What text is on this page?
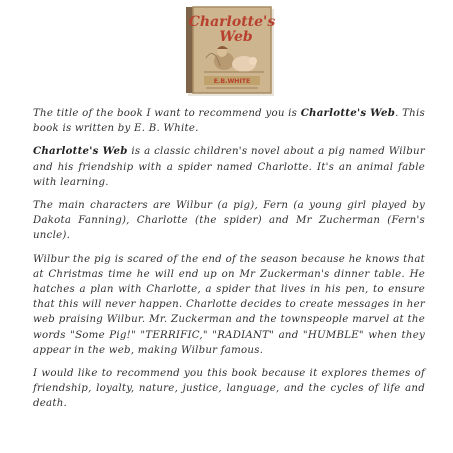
Charlotte's
Web
E.B.WHITE

The title of the book I want to recommend you is Charlotte's Web. This book is written by E. B. White.

Charlotte's Web is a classic children's novel about a pig named Wilbur and his friendship with a spider named Charlotte. It's an animal fable with learning.

The main characters are Wilbur (a pig), Fern (a young girl played by Dakota Fanning), Charlotte (the spider) and Mr Zucherman (Fern's uncle).

Wilbur the pig is scared of the end of the season because he knows that at Christmas time he will end up on Mr Zuckerman's dinner table. He hatches a plan with Charlotte, a spider that lives in his pen, to ensure that this will never happen. Charlotte decides to create messages in her web praising Wilbur. Mr. Zuckerman and the townspeople marvel at the words "Some Pig!" "TERRIFIC," "RADIANT" and "HUMBLE" when they appear in the web, making Wilbur famous.

I would like to recommend you this book because it explores themes of friendship, loyalty, nature, justice, language, and the cycles of life and death.
